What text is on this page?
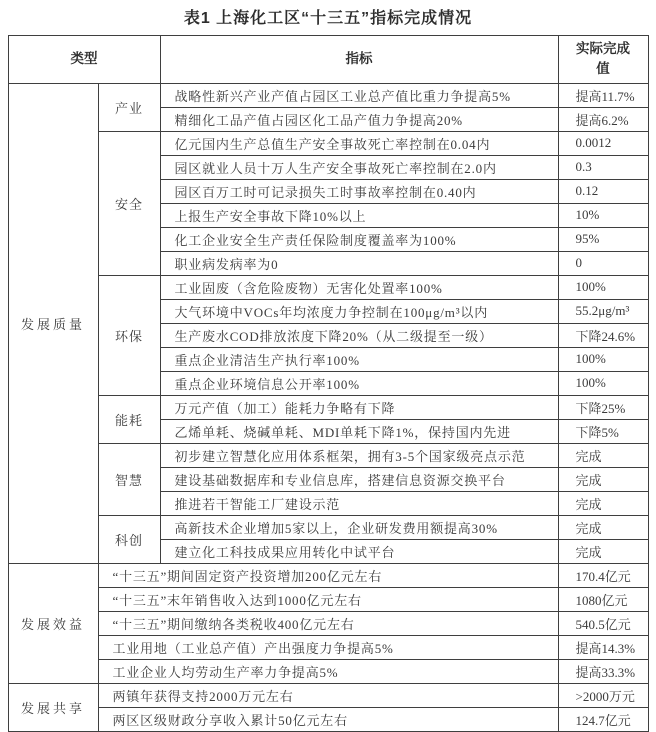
表1 上海化工区“十三五”指标完成情况
类型		指标	实际完成值
发展质量	产业	战略性新兴产业产值占园区工业总产值比重力争提高5%	提高11.7%
		精细化工品产值占园区化工品产值力争提高20%	提高6.2%
	安全	亿元国内生产总值生产安全事故死亡率控制在0.04内	0.0012
		园区就业人员十万人生产安全事故死亡率控制在2.0内	0.3
		园区百万工时可记录损失工时事故率控制在0.40内	0.12
		上报生产安全事故下降10%以上	10%
		化工企业安全生产责任保险制度覆盖率为100%	95%
		职业病发病率为0	0
	环保	工业固废（含危险废物）无害化处置率100%	100%
		大气环境中VOCs年均浓度力争控制在100μg/m³以内	55.2μg/m³
		生产废水COD排放浓度下降20%（从二级提至一级）	下降24.6%
		重点企业清洁生产执行率100%	100%
		重点企业环境信息公开率100%	100%
	能耗	万元产值（加工）能耗力争略有下降	下降25%
		乙烯单耗、烧碱单耗、MDI单耗下降1%，保持国内先进	下降5%
	智慧	初步建立智慧化应用体系框架，拥有3-5个国家级亮点示范	完成
		建设基础数据库和专业信息库，搭建信息资源交换平台	完成
		推进若干智能工厂建设示范	完成
	科创	高新技术企业增加5家以上，企业研发费用额提高30%	完成
		建立化工科技成果应用转化中试平台	完成
发展效益	“十三五”期间固定资产投资增加200亿元左右		170.4亿元
	“十三五”末年销售收入达到1000亿元左右		1080亿元
	“十三五”期间缴纳各类税收400亿元左右		540.5亿元
	工业用地（工业总产值）产出强度力争提高5%		提高14.3%
	工业企业人均劳动生产率力争提高5%		提高33.3%
发展共享	两镇年获得支持2000万元左右		>2000万元
	两区区级财政分享收入累计50亿元左右		124.7亿元
